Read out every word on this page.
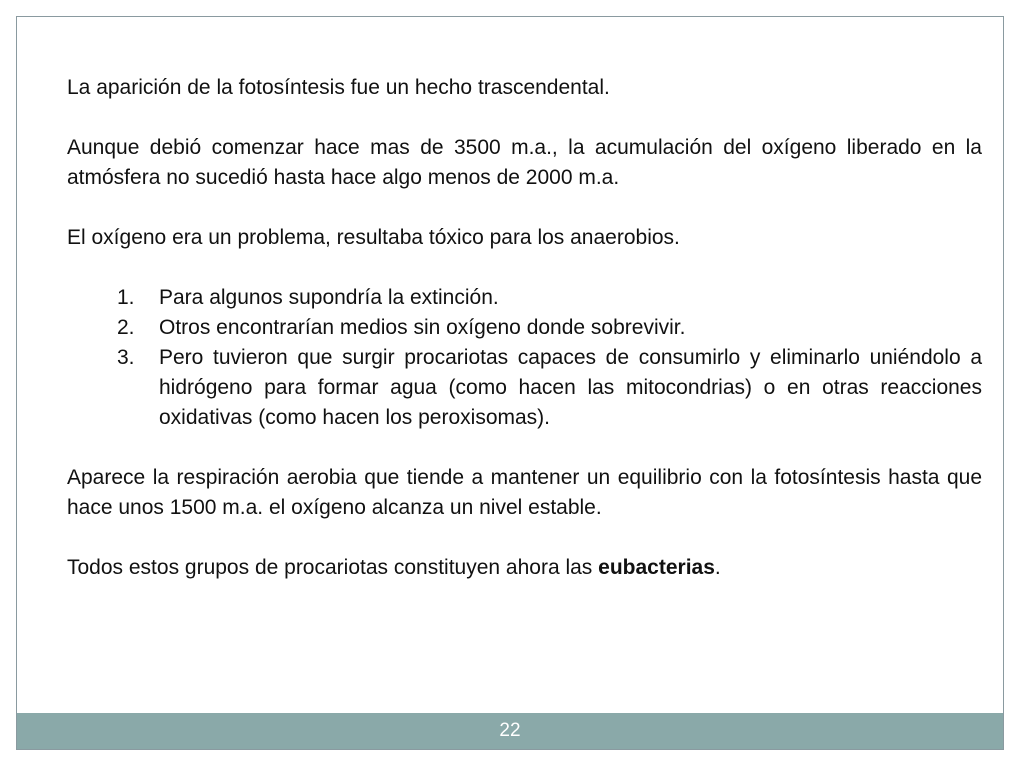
La aparición de la fotosíntesis fue un hecho trascendental.

Aunque debió comenzar hace mas de 3500 m.a., la acumulación del oxígeno liberado en la atmósfera no sucedió hasta hace algo menos de 2000 m.a.

El oxígeno era un problema, resultaba tóxico para los anaerobios.

1. Para algunos supondría la extinción.
2. Otros encontrarían medios sin oxígeno donde sobrevivir.
3. Pero tuvieron que surgir procariotas capaces de consumirlo y eliminarlo uniéndolo a hidrógeno para formar agua (como hacen las mitocondrias) o en otras reacciones oxidativas (como hacen los peroxisomas).

Aparece la respiración aerobia que tiende a mantener un equilibrio con la fotosíntesis hasta que hace unos 1500 m.a. el oxígeno alcanza un nivel estable.

Todos estos grupos de procariotas constituyen ahora las eubacterias.

22
